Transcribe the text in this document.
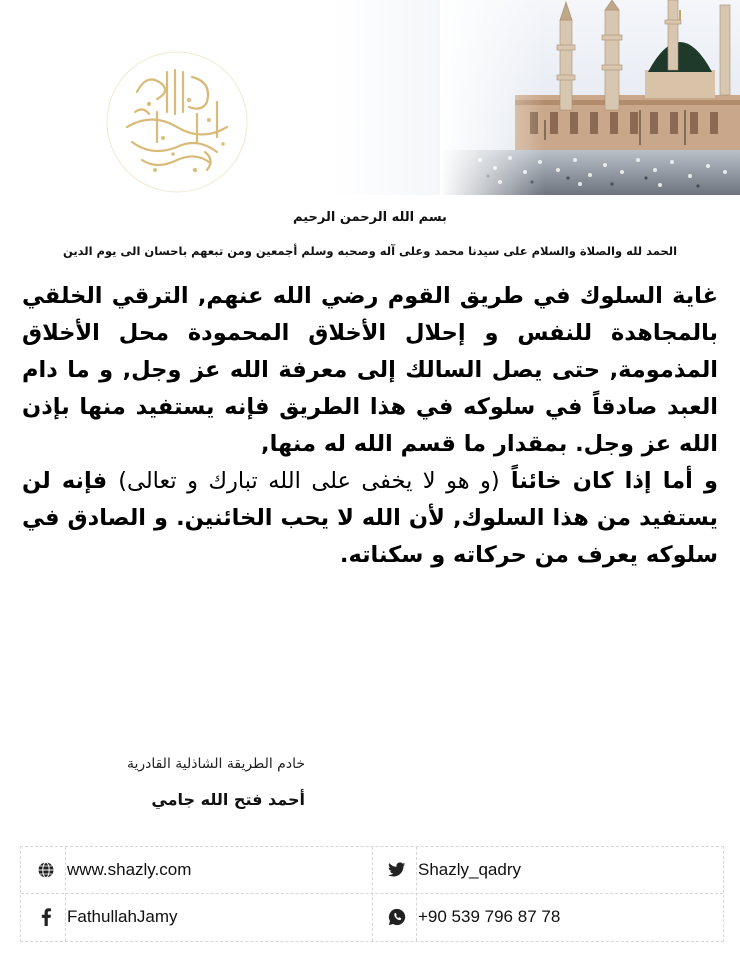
الطريقة الشاذلية القادرية
بسم الله الرحمن الرحيم
الحمد لله والصلاة والسلام على سيدنا محمد وعلى آله وصحبه وسلم أجمعين ومن تبعهم باحسان الى يوم الدين

غاية السلوك في طريق القوم رضي الله عنهم, الترقي الخلقي بالمجاهدة للنفس و إحلال الأخلاق المحمودة محل الأخلاق المذمومة, حتى يصل السالك إلى معرفة الله عز وجل, و ما دام العبد صادقاً في سلوكه في هذا الطريق فإنه يستفيد منها بإذن الله عز وجل. بمقدار ما قسم الله له منها,

و أما إذا كان خائناً (و هو لا يخفى على الله تبارك و تعالى) فإنه لن يستفيد من هذا السلوك, لأن الله لا يحب الخائنين. و الصادق في سلوكه يعرف من حركاته و سكناته.

خادم الطريقة الشاذلية القادرية
أحمد فتح الله جامي
www.shazly.com	Shazly_qadry
FathullahJamy	+90 539 796 87 78
